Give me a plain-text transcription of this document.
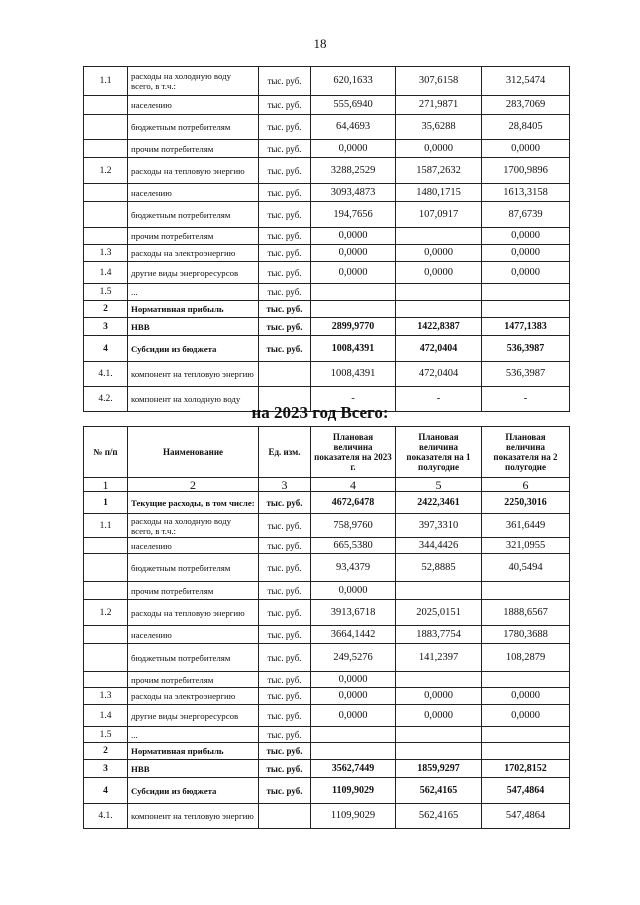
18
1.1	расходы на холодную воду всего, в т.ч.:	тыс. руб.	620,1633	307,6158	312,5474
	населению	тыс. руб.	555,6940	271,9871	283,7069
	бюджетным потребителям	тыс. руб.	64,4693	35,6288	28,8405
	прочим потребителям	тыс. руб.	0,0000	0,0000	0,0000
1.2	расходы на тепловую энергию	тыс. руб.	3288,2529	1587,2632	1700,9896
	населению	тыс. руб.	3093,4873	1480,1715	1613,3158
	бюджетным потребителям	тыс. руб.	194,7656	107,0917	87,6739
	прочим потребителям	тыс. руб.	0,0000		0,0000
1.3	расходы на электроэнергию	тыс. руб.	0,0000	0,0000	0,0000
1.4	другие виды энергоресурсов	тыс. руб.	0,0000	0,0000	0,0000
1.5	...	тыс. руб.			
2	Нормативная прибыль	тыс. руб.			
3	НВВ	тыс. руб.	2899,9770	1422,8387	1477,1383
4	Субсидии из бюджета	тыс. руб.	1008,4391	472,0404	536,3987
4.1.	компонент на тепловую энергию		1008,4391	472,0404	536,3987
4.2.	компонент на холодную воду		-	-	-
на 2023 год Всего:
№ п/п	Наименование	Ед. изм.	Плановая величина показателя на 2023 г.	Плановая величина показателя на 1 полугодие	Плановая величина показателя на 2 полугодие
1	2	3	4	5	6
1	Текущие расходы, в том числе:	тыс. руб.	4672,6478	2422,3461	2250,3016
1.1	расходы на холодную воду всего, в т.ч.:	тыс. руб.	758,9760	397,3310	361,6449
	населению	тыс. руб.	665,5380	344,4426	321,0955
	бюджетным потребителям	тыс. руб.	93,4379	52,8885	40,5494
	прочим потребителям	тыс. руб.	0,0000		
1.2	расходы на тепловую энергию	тыс. руб.	3913,6718	2025,0151	1888,6567
	населению	тыс. руб.	3664,1442	1883,7754	1780,3688
	бюджетным потребителям	тыс. руб.	249,5276	141,2397	108,2879
	прочим потребителям	тыс. руб.	0,0000		
1.3	расходы на электроэнергию	тыс. руб.	0,0000	0,0000	0,0000
1.4	другие виды энергоресурсов	тыс. руб.	0,0000	0,0000	0,0000
1.5	...	тыс. руб.			
2	Нормативная прибыль	тыс. руб.			
3	НВВ	тыс. руб.	3562,7449	1859,9297	1702,8152
4	Субсидии из бюджета	тыс. руб.	1109,9029	562,4165	547,4864
4.1.	компонент на тепловую энергию		1109,9029	562,4165	547,4864
